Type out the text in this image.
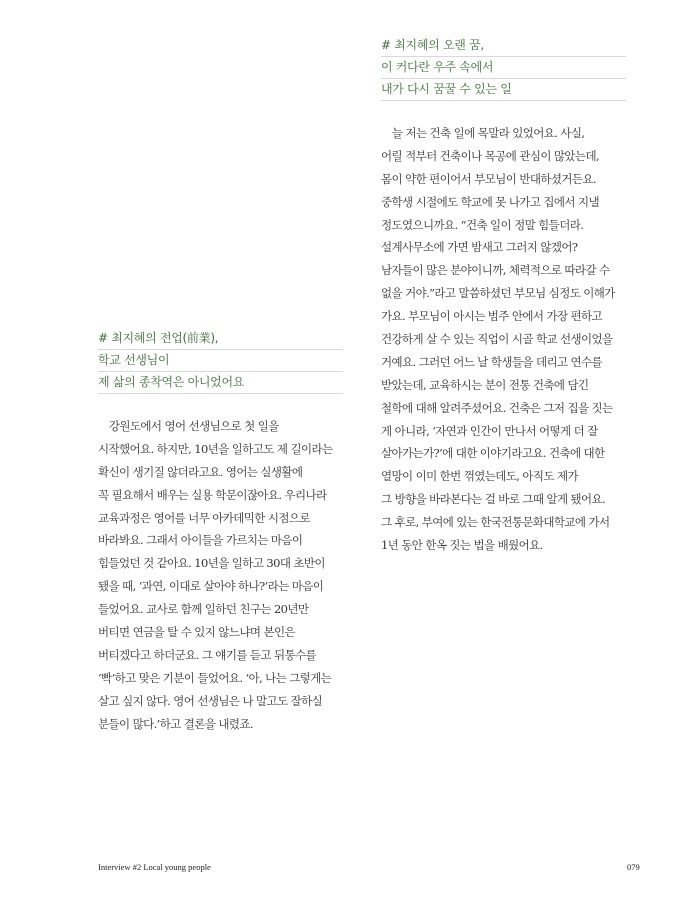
# 최지혜의 오랜 꿈,
이 커다란 우주 속에서
내가 다시 꿈꿀 수 있는 일
　늘 저는 건축 일에 목말라 있었어요. 사실,
어릴 적부터 건축이나 목공에 관심이 많았는데,
몸이 약한 편이어서 부모님이 반대하셨거든요.
중학생 시절에도 학교에 못 나가고 집에서 지낼
정도였으니까요. “건축 일이 정말 힘들더라.
설계사무소에 가면 밤새고 그러지 않겠어?
남자들이 많은 분야이니까, 체력적으로 따라갈 수
없을 거야.”라고 말씀하셨던 부모님 심정도 이해가
가요. 부모님이 아시는 범주 안에서 가장 편하고
건강하게 살 수 있는 직업이 시골 학교 선생이었을
거예요. 그러던 어느 날 학생들을 데리고 연수를
받았는데, 교육하시는 분이 전통 건축에 담긴
철학에 대해 알려주셨어요. 건축은 그저 집을 짓는
게 아니라, ‘자연과 인간이 만나서 어떻게 더 잘
살아가는가?’에 대한 이야기라고요. 건축에 대한
열망이 이미 한번 꺾였는데도, 아직도 제가
그 방향을 바라본다는 걸 바로 그때 알게 됐어요.
그 후로, 부여에 있는 한국전통문화대학교에 가서
1년 동안 한옥 짓는 법을 배웠어요.
# 최지혜의 전업(前業),
학교 선생님이
제 삶의 종착역은 아니었어요
　강원도에서 영어 선생님으로 첫 일을
시작했어요. 하지만, 10년을 일하고도 제 길이라는
확신이 생기질 않더라고요. 영어는 실생활에
꼭 필요해서 배우는 실용 학문이잖아요. 우리나라
교육과정은 영어를 너무 아카데믹한 시점으로
바라봐요. 그래서 아이들을 가르치는 마음이
힘들었던 것 같아요. 10년을 일하고 30대 초반이
됐을 때, ‘과연, 이대로 살아야 하나?’라는 마음이
들었어요. 교사로 함께 일하던 친구는 20년만
버티면 연금을 탈 수 있지 않느냐며 본인은
버티겠다고 하더군요. 그 얘기를 듣고 뒤통수를
‘빡’하고 맞은 기분이 들었어요. ‘아, 나는 그렇게는
살고 싶지 않다. 영어 선생님은 나 말고도 잘하실
분들이 많다.’하고 결론을 내렸죠.
Interview #2 Local young people	079
